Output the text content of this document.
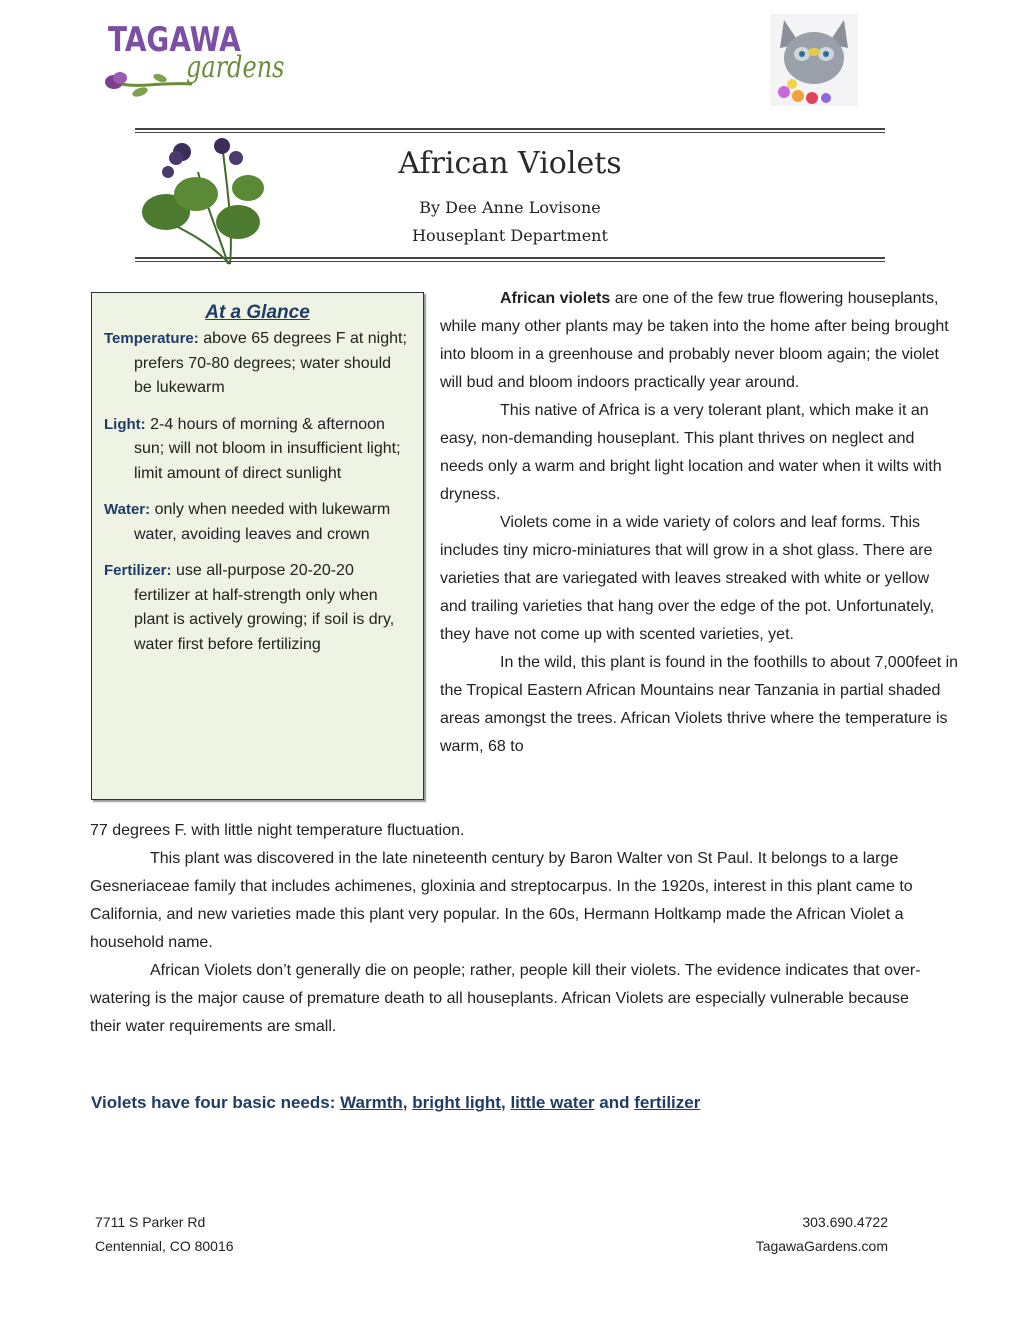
TAGAWA
gardens
African Violets
By Dee Anne Lovisone
Houseplant Department
At a Glance

Temperature: above 65 degrees F at night; prefers 70-80 degrees; water should be lukewarm

Light: 2-4 hours of morning & afternoon sun; will not bloom in insufficient light; limit amount of direct sunlight

Water: only when needed with lukewarm water, avoiding leaves and crown

Fertilizer: use all-purpose 20-20-20 fertilizer at half-strength only when plant is actively growing; if soil is dry, water first before fertilizing

African violets are one of the few true flowering houseplants, while many other plants may be taken into the home after being brought into bloom in a greenhouse and probably never bloom again; the violet will bud and bloom indoors practically year around.

This native of Africa is a very tolerant plant, which make it an easy, non-demanding houseplant. This plant thrives on neglect and needs only a warm and bright light location and water when it wilts with dryness.

Violets come in a wide variety of colors and leaf forms. This includes tiny micro-miniatures that will grow in a shot glass. There are varieties that are variegated with leaves streaked with white or yellow and trailing varieties that hang over the edge of the pot. Unfortunately, they have not come up with scented varieties, yet.

In the wild, this plant is found in the foothills to about 7,000feet in the Tropical Eastern African Mountains near Tanzania in partial shaded areas amongst the trees. African Violets thrive where the temperature is warm, 68 to

77 degrees F. with little night temperature fluctuation.

This plant was discovered in the late nineteenth century by Baron Walter von St Paul. It belongs to a large Gesneriaceae family that includes achimenes, gloxinia and streptocarpus. In the 1920s, interest in this plant came to California, and new varieties made this plant very popular. In the 60s, Hermann Holtkamp made the African Violet a household name.

African Violets don’t generally die on people; rather, people kill their violets. The evidence indicates that over-watering is the major cause of premature death to all houseplants. African Violets are especially vulnerable because their water requirements are small.

Violets have four basic needs: Warmth, bright light, little water and fertilizer
7711 S Parker Rd
Centennial, CO 80016
303.690.4722
TagawaGardens.com
